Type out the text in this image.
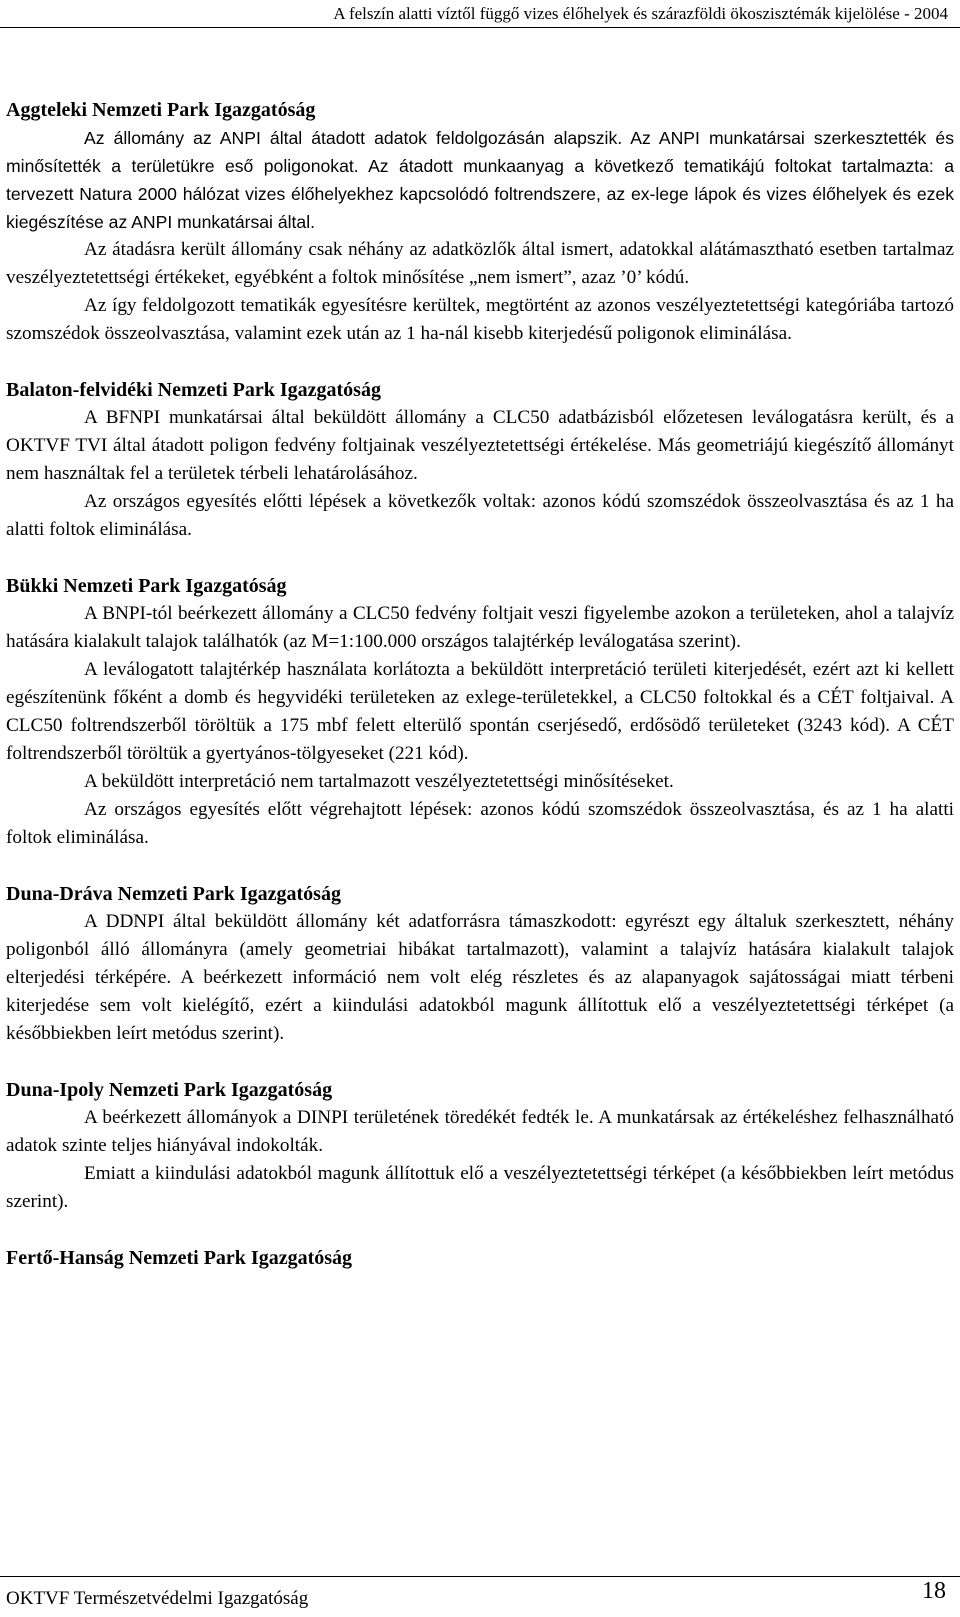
A felszín alatti víztől függő vizes élőhelyek és szárazföldi ökoszisztémák kijelölése - 2004

Aggteleki Nemzeti Park Igazgatóság

Az állomány az ANPI által átadott adatok feldolgozásán alapszik. Az ANPI munkatársai szerkesztették és minősítették a területükre eső poligonokat. Az átadott munkaanyag a következő tematikájú foltokat tartalmazta: a tervezett Natura 2000 hálózat vizes élőhelyekhez kapcsolódó foltrendszere, az ex-lege lápok és vizes élőhelyek és ezek kiegészítése az ANPI munkatársai által.

Az átadásra került állomány csak néhány az adatközlők által ismert, adatokkal alátámasztható esetben tartalmaz veszélyeztetettségi értékeket, egyébként a foltok minősítése „nem ismert”, azaz ’0’ kódú.

Az így feldolgozott tematikák egyesítésre kerültek, megtörtént az azonos veszélyeztetettségi kategóriába tartozó szomszédok összeolvasztása, valamint ezek után az 1 ha-nál kisebb kiterjedésű poligonok eliminálása.

Balaton-felvidéki Nemzeti Park Igazgatóság

A BFNPI munkatársai által beküldött állomány a CLC50 adatbázisból előzetesen leválogatásra került, és a OKTVF TVI által átadott poligon fedvény foltjainak veszélyeztetettségi értékelése. Más geometriájú kiegészítő állományt nem használtak fel a területek térbeli lehatárolásához.

Az országos egyesítés előtti lépések a következők voltak: azonos kódú szomszédok összeolvasztása és az 1 ha alatti foltok eliminálása.

Bükki Nemzeti Park Igazgatóság

A BNPI-tól beérkezett állomány a CLC50 fedvény foltjait veszi figyelembe azokon a területeken, ahol a talajvíz hatására kialakult talajok találhatók (az M=1:100.000 országos talajtérkép leválogatása szerint).

A leválogatott talajtérkép használata korlátozta a beküldött interpretáció területi kiterjedését, ezért azt ki kellett egészítenünk főként a domb és hegyvidéki területeken az exlege-területekkel, a CLC50 foltokkal és a CÉT foltjaival. A CLC50 foltrendszerből töröltük a 175 mbf felett elterülő spontán cserjésedő, erdősödő területeket (3243 kód). A CÉT foltrendszerből töröltük a gyertyános-tölgyeseket (221 kód).

A beküldött interpretáció nem tartalmazott veszélyeztetettségi minősítéseket.

Az országos egyesítés előtt végrehajtott lépések: azonos kódú szomszédok összeolvasztása, és az 1 ha alatti foltok eliminálása.

Duna-Dráva Nemzeti Park Igazgatóság

A DDNPI által beküldött állomány két adatforrásra támaszkodott: egyrészt egy általuk szerkesztett, néhány poligonból álló állományra (amely geometriai hibákat tartalmazott), valamint a talajvíz hatására kialakult talajok elterjedési térképére. A beérkezett információ nem volt elég részletes és az alapanyagok sajátosságai miatt térbeni kiterjedése sem volt kielégítő, ezért a kiindulási adatokból magunk állítottuk elő a veszélyeztetettségi térképet (a későbbiekben leírt metódus szerint).

Duna-Ipoly Nemzeti Park Igazgatóság

A beérkezett állományok a DINPI területének töredékét fedték le. A munkatársak az értékeléshez felhasználható adatok szinte teljes hiányával indokolták.

Emiatt a kiindulási adatokból magunk állítottuk elő a veszélyeztetettségi térképet (a későbbiekben leírt metódus szerint).

Fertő-Hanság Nemzeti Park Igazgatóság

OKTVF Természetvédelmi Igazgatóság	18
